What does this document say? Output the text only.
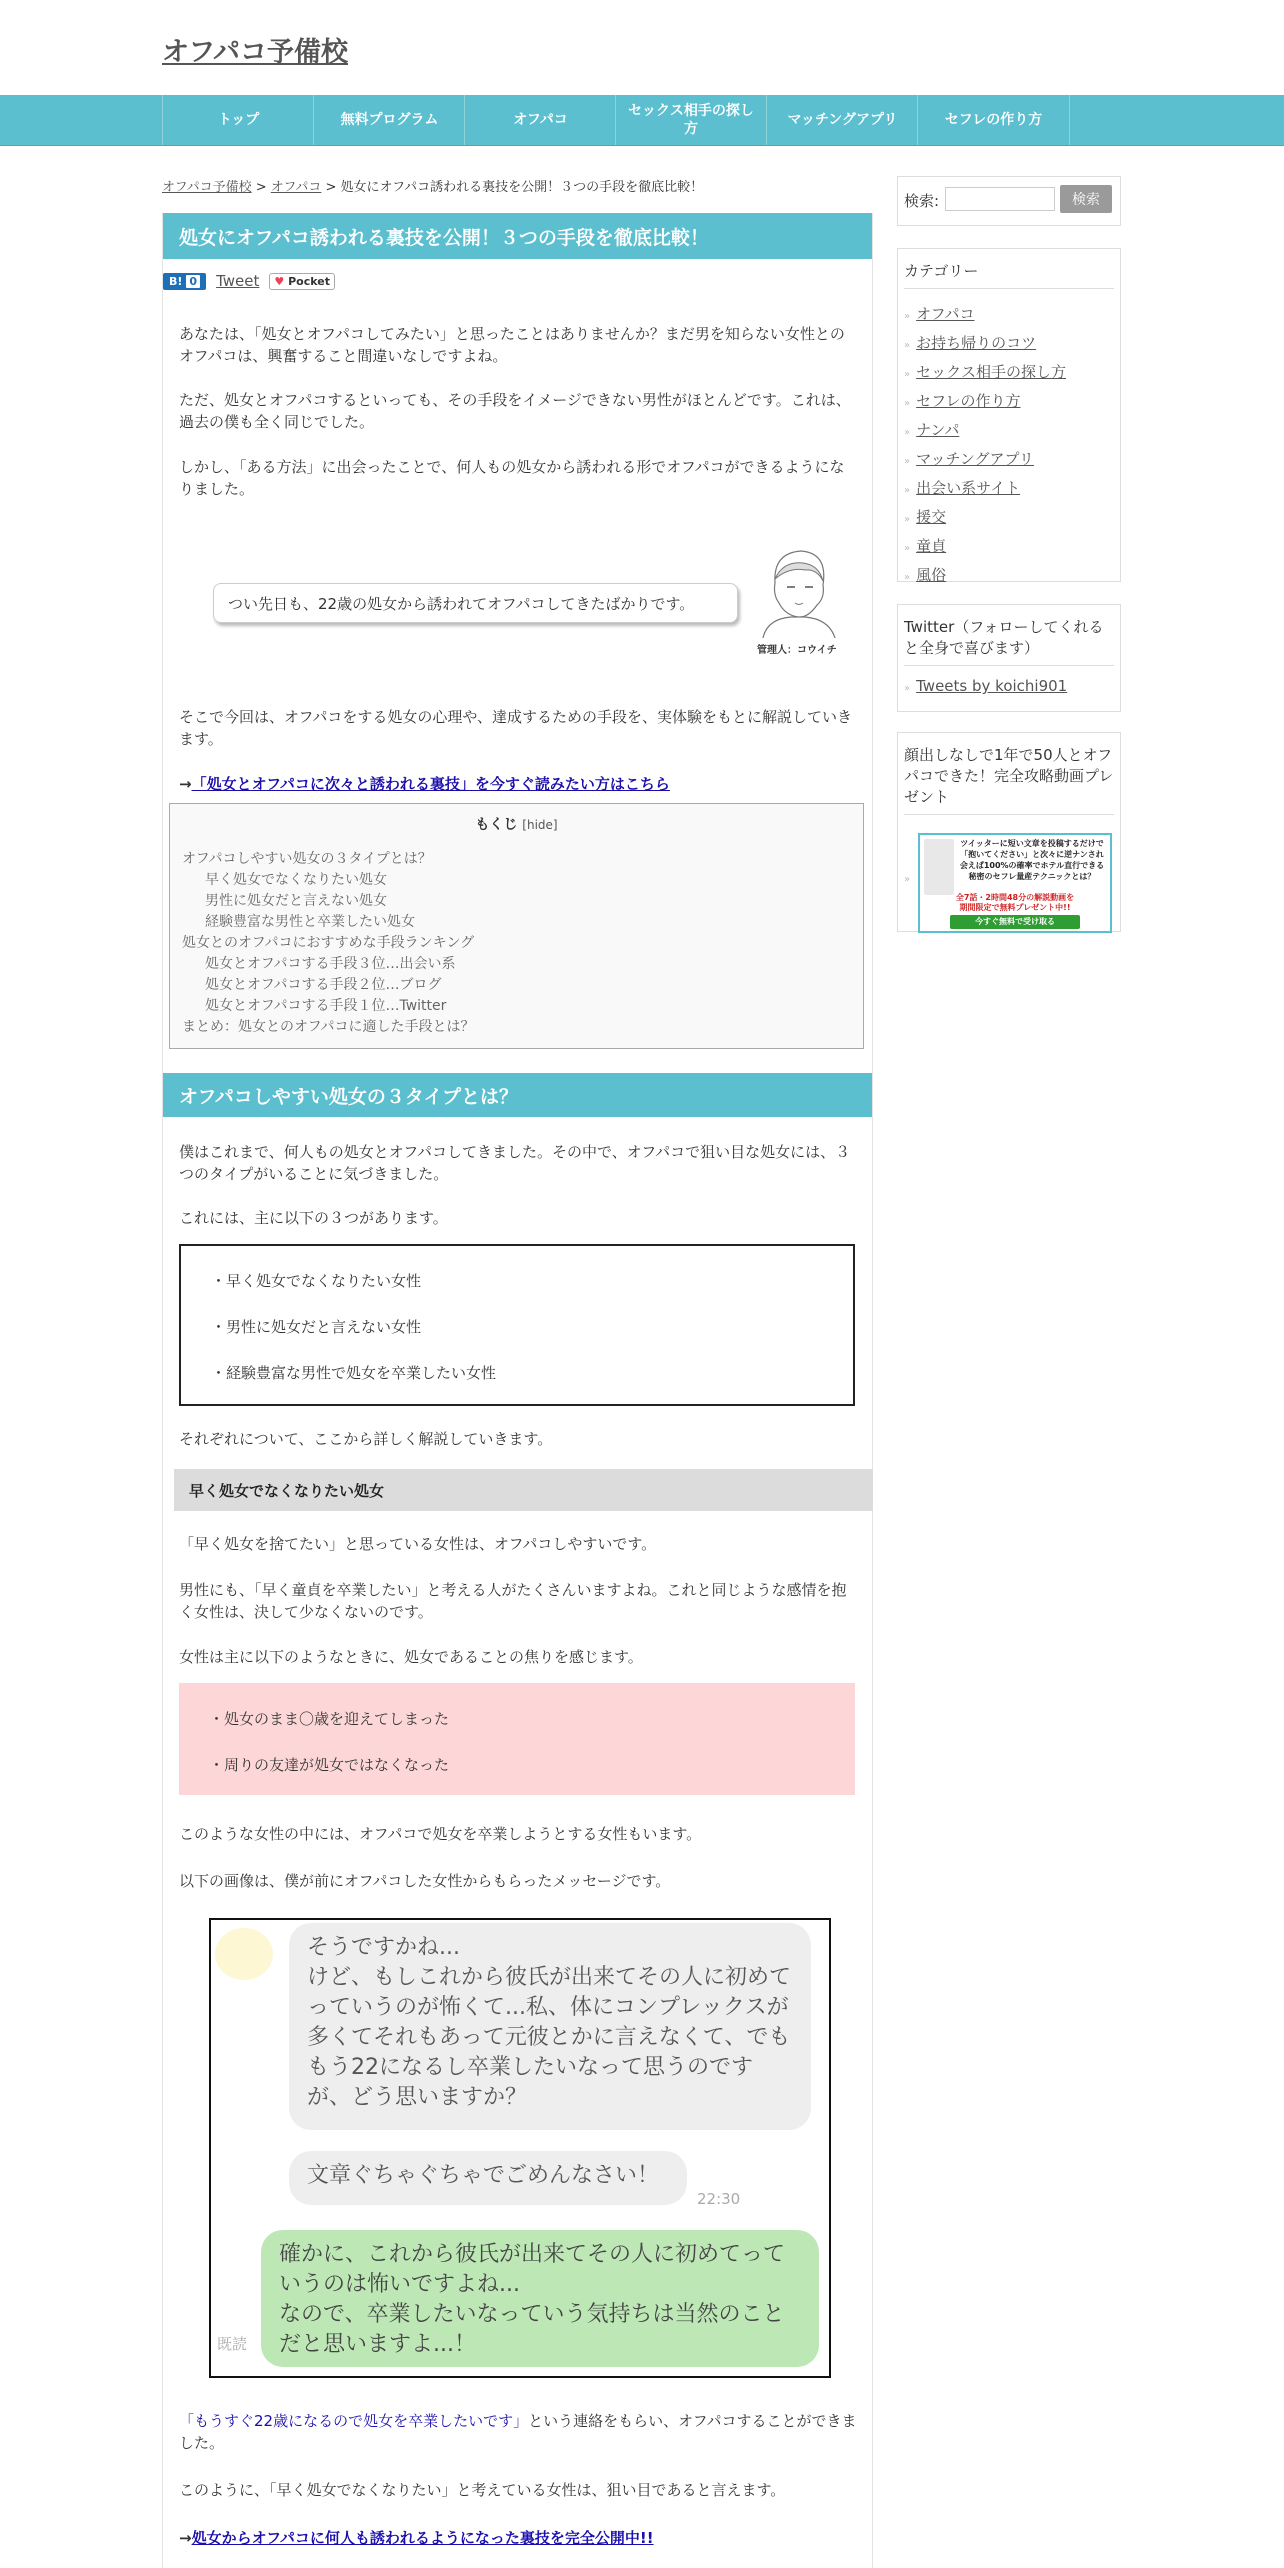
オフパコ予備校
トップ	無料プログラム	オフパコ
セックス相手の探し方
マッチングアプリ	セフレの作り方
オフパコ予備校 > オフパコ > 処女にオフパコ誘われる裏技を公開！３つの手段を徹底比較！
処女にオフパコ誘われる裏技を公開！３つの手段を徹底比較！
B! 0	Tweet	♥ Pocket
あなたは、「処女とオフパコしてみたい」と思ったことはありませんか？まだ男を知らない女性とのオフパコは、興奮すること間違いなしですよね。
ただ、処女とオフパコするといっても、その手段をイメージできない男性がほとんどです。これは、過去の僕も全く同じでした。
しかし、「ある方法」に出会ったことで、何人もの処女から誘われる形でオフパコができるようになりました。
つい先日も、22歳の処女から誘われてオフパコしてきたばかりです。
管理人：コウイチ
そこで今回は、オフパコをする処女の心理や、達成するための手段を、実体験をもとに解説していきます。
→「処女とオフパコに次々と誘われる裏技」を今すぐ読みたい方はこちら
もくじ [hide]
オフパコしやすい処女の３タイプとは？
早く処女でなくなりたい処女
男性に処女だと言えない処女
経験豊富な男性と卒業したい処女
処女とのオフパコにおすすめな手段ランキング
処女とオフパコする手段３位…出会い系
処女とオフパコする手段２位…ブログ
処女とオフパコする手段１位…Twitter
まとめ：処女とのオフパコに適した手段とは？
オフパコしやすい処女の３タイプとは？
僕はこれまで、何人もの処女とオフパコしてきました。その中で、オフパコで狙い目な処女には、３つのタイプがいることに気づきました。
これには、主に以下の３つがあります。
・早く処女でなくなりたい女性
・男性に処女だと言えない女性
・経験豊富な男性で処女を卒業したい女性
それぞれについて、ここから詳しく解説していきます。
早く処女でなくなりたい処女
「早く処女を捨てたい」と思っている女性は、オフパコしやすいです。
男性にも、「早く童貞を卒業したい」と考える人がたくさんいますよね。これと同じような感情を抱く女性は、決して少なくないのです。
女性は主に以下のようなときに、処女であることの焦りを感じます。
・処女のまま〇歳を迎えてしまった
・周りの友達が処女ではなくなった
このような女性の中には、オフパコで処女を卒業しようとする女性もいます。
以下の画像は、僕が前にオフパコした女性からもらったメッセージです。
そうですかね...
けど、もしこれから彼氏が出来てその人に初めてっていうのが怖くて...私、体にコンプレックスが多くてそれもあって元彼とかに言えなくて、でももう22になるし卒業したいなって思うのですが、どう思いますか？
文章ぐちゃぐちゃでごめんなさい！
22:30
確かに、これから彼氏が出来てその人に初めてっていうのは怖いですよね...
なので、卒業したいなっていう気持ちは当然のことだと思いますよ...！
既読
「もうすぐ22歳になるので処女を卒業したいです」という連絡をもらい、オフパコすることができました。
このように、「早く処女でなくなりたい」と考えている女性は、狙い目であると言えます。
→処女からオフパコに何人も誘われるようになった裏技を完全公開中!!
検索:	検索
カテゴリー
» オフパコ
» お持ち帰りのコツ
» セックス相手の探し方
» セフレの作り方
» ナンパ
» マッチングアプリ
» 出会い系サイト
» 援交
» 童貞
» 風俗
Twitter（フォローしてくれると全身で喜びます）
» Tweets by koichi901
顔出しなしで1年で50人とオフパコできた！完全攻略動画プレゼント
»
ツイッターに短い文章を投稿するだけで
「抱いてください」と次々に逆ナンされ
会えば100%の確率でホテル直行できる
秘密のセフレ量産テクニックとは？
全7話・2時間48分の解説動画を
期間限定で無料プレゼント中!!
今すぐ無料で受け取る
